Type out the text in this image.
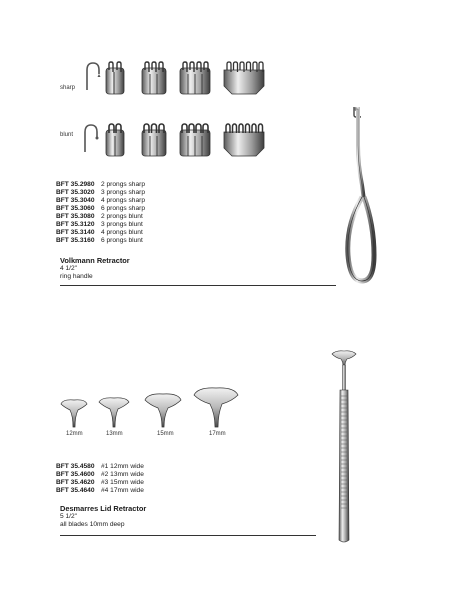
sharp
blunt
BFT 35.2980 2 prongs sharp
BFT 35.3020 3 prongs sharp
BFT 35.3040 4 prongs sharp
BFT 35.3060 6 prongs sharp
BFT 35.3080 2 prongs blunt
BFT 35.3120 3 prongs blunt
BFT 35.3140 4 prongs blunt
BFT 35.3160 6 prongs blunt
Volkmann Retractor
4 1/2"
ring handle
12mm	13mm	15mm	17mm
BFT 35.4580 #1 12mm wide
BFT 35.4600 #2 13mm wide
BFT 35.4620 #3 15mm wide
BFT 35.4640 #4 17mm wide
Desmarres Lid Retractor
5 1/2"
all blades 10mm deep
